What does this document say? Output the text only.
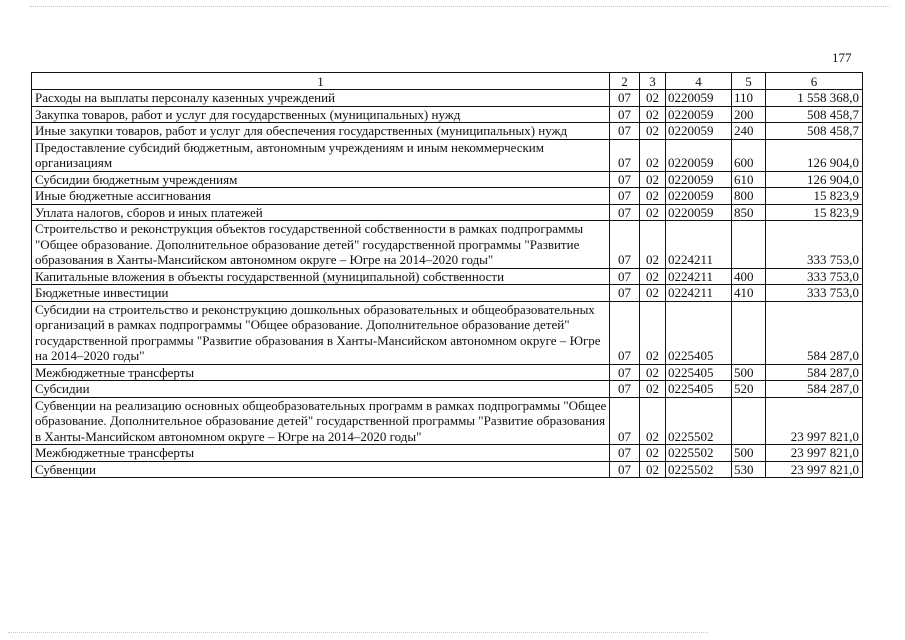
177
1	2	3	4	5	6
Расходы на выплаты персоналу казенных учреждений	07	02	0220059	110	1 558 368,0
Закупка товаров, работ и услуг для государственных (муниципальных) нужд	07	02	0220059	200	508 458,7
Иные закупки товаров, работ и услуг для обеспечения государственных (муниципальных) нужд	07	02	0220059	240	508 458,7
Предоставление субсидий бюджетным, автономным учреждениям и иным некоммерческим организациям	07	02	0220059	600	126 904,0
Субсидии бюджетным учреждениям	07	02	0220059	610	126 904,0
Иные бюджетные ассигнования	07	02	0220059	800	15 823,9
Уплата налогов, сборов и иных платежей	07	02	0220059	850	15 823,9
Строительство и реконструкция объектов государственной собственности в рамках подпрограммы "Общее образование. Дополнительное образование детей" государственной программы "Развитие образования в Ханты-Мансийском автономном округе – Югре на 2014–2020 годы"	07	02	0224211		333 753,0
Капитальные вложения в объекты государственной (муниципальной) собственности	07	02	0224211	400	333 753,0
Бюджетные инвестиции	07	02	0224211	410	333 753,0
Субсидии на строительство и реконструкцию дошкольных образовательных и общеобразовательных организаций в рамках подпрограммы "Общее образование. Дополнительное образование детей" государственной программы "Развитие образования в Ханты-Мансийском автономном округе – Югре на 2014–2020 годы"	07	02	0225405		584 287,0
Межбюджетные трансферты	07	02	0225405	500	584 287,0
Субсидии	07	02	0225405	520	584 287,0
Субвенции на реализацию основных общеобразовательных программ в рамках подпрограммы "Общее образование. Дополнительное образование детей" государственной программы "Развитие образования в Ханты-Мансийском автономном округе – Югре на 2014–2020 годы"	07	02	0225502		23 997 821,0
Межбюджетные трансферты	07	02	0225502	500	23 997 821,0
Субвенции	07	02	0225502	530	23 997 821,0
